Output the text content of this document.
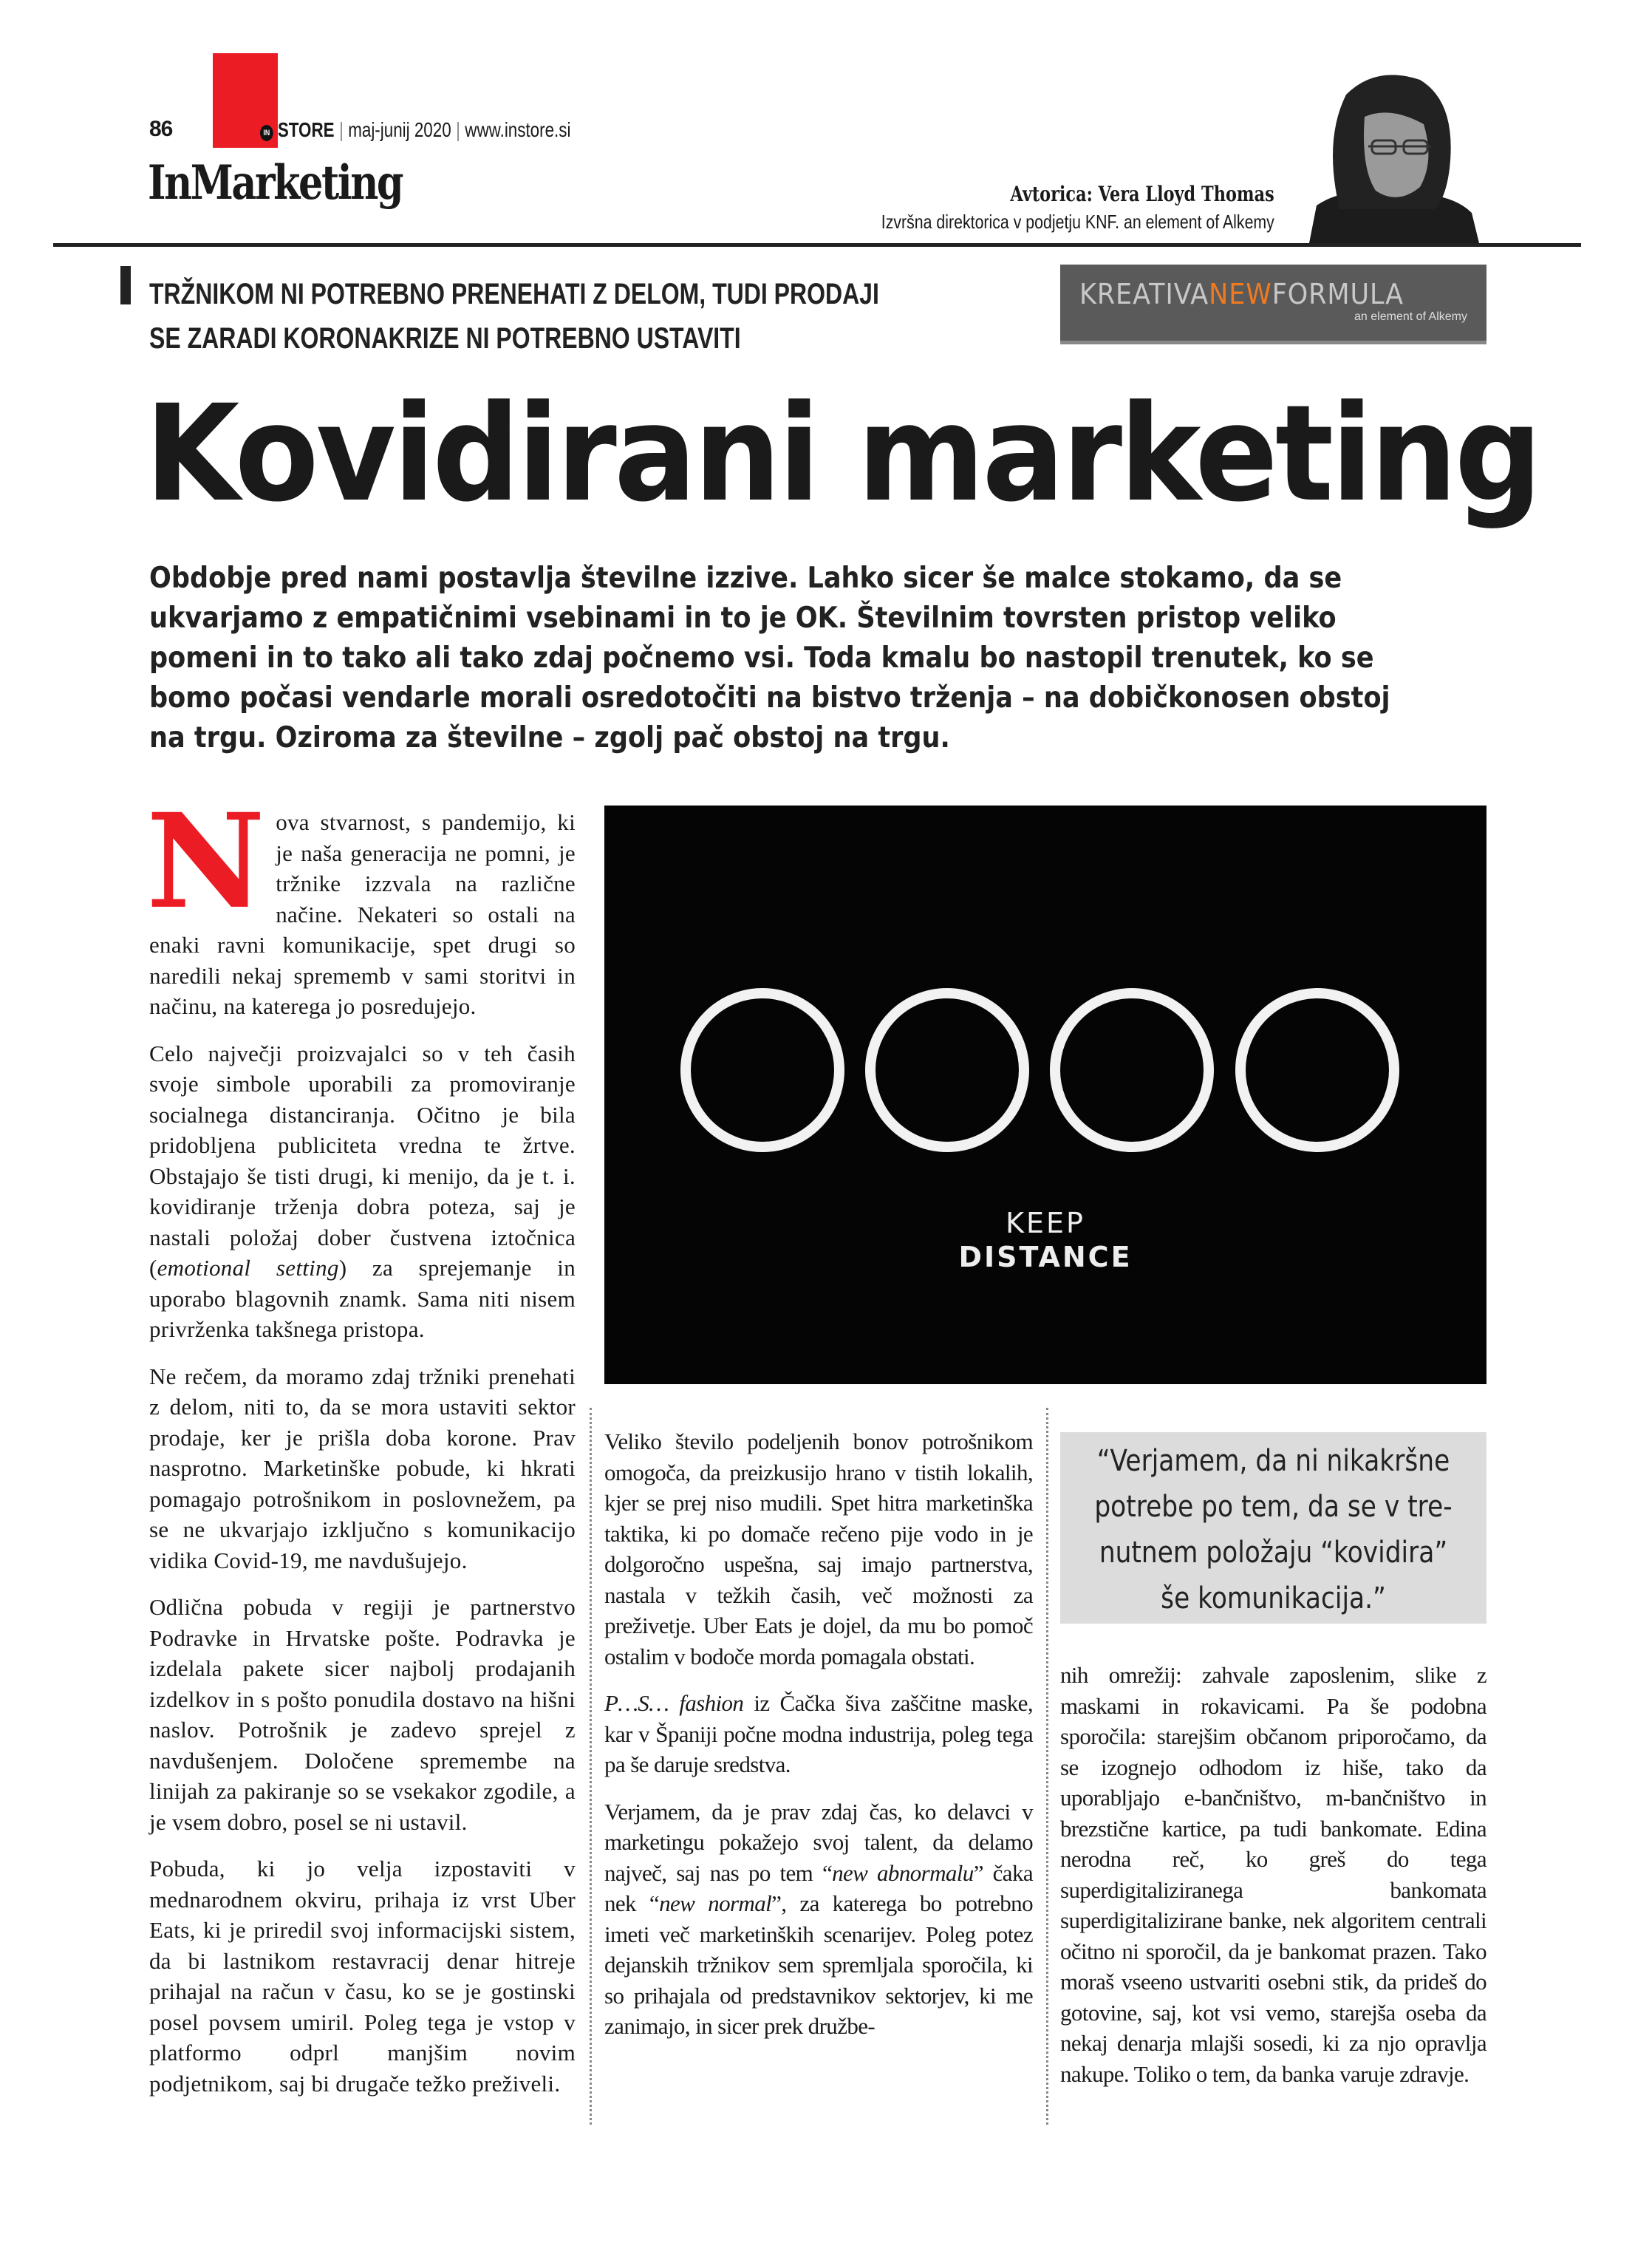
86	IN STORE | maj-junij 2020 | www.instore.si
InMarketing	Avtorica: Vera Lloyd Thomas
Izvršna direktorica v podjetju KNF. an element of Alkemy
TRŽNIKOM NI POTREBNO PRENEHATI Z DELOM, TUDI PRODAJI
SE ZARADI KORONAKRIZE NI POTREBNO USTAVITI
KREATIVANEWFORMULA
an element of Alkemy
Kovidirani marketing
Obdobje pred nami postavlja številne izzive. Lahko sicer še malce stokamo, da se ukvarjamo z empatičnimi vsebinami in to je OK. Številnim tovrsten pristop veliko pomeni in to tako ali tako zdaj počnemo vsi. Toda kmalu bo nastopil trenutek, ko se bomo počasi vendarle morali osredotočiti na bistvo trženja – na dobičkonosen obstoj na trgu. Oziroma za številne – zgolj pač obstoj na trgu.

Nova stvarnost, s pandemijo, ki je naša generacija ne pomni, je tržnike izzvala na različne načine. Nekateri so ostali na enaki ravni komunikacije, spet drugi so naredili nekaj sprememb v sami storitvi in načinu, na katerega jo posredujejo.

Celo največji proizvajalci so v teh časih svoje simbole uporabili za promoviranje socialnega distanciranja. Očitno je bila pridobljena publiciteta vredna te žrtve. Obstajajo še tisti drugi, ki menijo, da je t. i. kovidiranje trženja dobra poteza, saj je nastali položaj dober čustvena iztočnica (emotional setting) za sprejemanje in uporabo blagovnih znamk. Sama niti nisem privrženka takšnega pristopa.

Ne rečem, da moramo zdaj tržniki prenehati z delom, niti to, da se mora ustaviti sektor prodaje, ker je prišla doba korone. Prav nasprotno. Marketinške pobude, ki hkrati pomagajo potrošnikom in poslovnežem, pa se ne ukvarjajo izključno s komunikacijo vidika Covid-19, me navdušujejo.

Odlična pobuda v regiji je partnerstvo Podravke in Hrvatske pošte. Podravka je izdelala pakete sicer najbolj prodajanih izdelkov in s pošto ponudila dostavo na hišni naslov. Potrošnik je zadevo sprejel z navdušenjem. Določene spremembe na linijah za pakiranje so se vsekakor zgodile, a je vsem dobro, posel se ni ustavil.

Pobuda, ki jo velja izpostaviti v mednarodnem okviru, prihaja iz vrst Uber Eats, ki je priredil svoj informacijski sistem, da bi lastnikom restavracij denar hitreje prihajal na račun v času, ko se je gostinski posel povsem umiril. Poleg tega je vstop v platformo odprl manjšim novim podjetnikom, saj bi drugače težko preživeli.

KEEP
DISTANCE

Veliko število podeljenih bonov potrošnikom omogoča, da preizkusijo hrano v tistih lokalih, kjer se prej niso mudili. Spet hitra marketinška taktika, ki po domače rečeno pije vodo in je dolgoročno uspešna, saj imajo partnerstva, nastala v težkih časih, več možnosti za preživetje. Uber Eats je dojel, da mu bo pomoč ostalim v bodoče morda pomagala obstati.

P…S… fashion iz Čačka šiva zaščitne maske, kar v Španiji počne modna industrija, poleg tega pa še daruje sredstva.

Verjamem, da je prav zdaj čas, ko delavci v marketingu pokažejo svoj talent, da delamo največ, saj nas po tem “new abnormalu” čaka nek “new normal”, za katerega bo potrebno imeti več marketinških scenarijev. Poleg potez dejanskih tržnikov sem spremljala sporočila, ki so prihajala od predstavnikov sektorjev, ki me zanimajo, in sicer prek družbe-

“Verjamem, da ni nikakršne
potrebe po tem, da se v tre-
nutnem položaju “kovidira”
še komunikacija.”

nih omrežij: zahvale zaposlenim, slike z maskami in rokavicami. Pa še podobna sporočila: starejšim občanom priporočamo, da se izognejo odhodom iz hiše, tako da uporabljajo e-bančništvo, m-bančništvo in brezstične kartice, pa tudi bankomate. Edina nerodna reč, ko greš do tega superdigitaliziranega bankomata superdigitalizirane banke, nek algoritem centrali očitno ni sporočil, da je bankomat prazen. Tako moraš vseeno ustvariti osebni stik, da prideš do gotovine, saj, kot vsi vemo, starejša oseba da nekaj denarja mlajši sosedi, ki za njo opravlja nakupe. Toliko o tem, da banka varuje zdravje.
